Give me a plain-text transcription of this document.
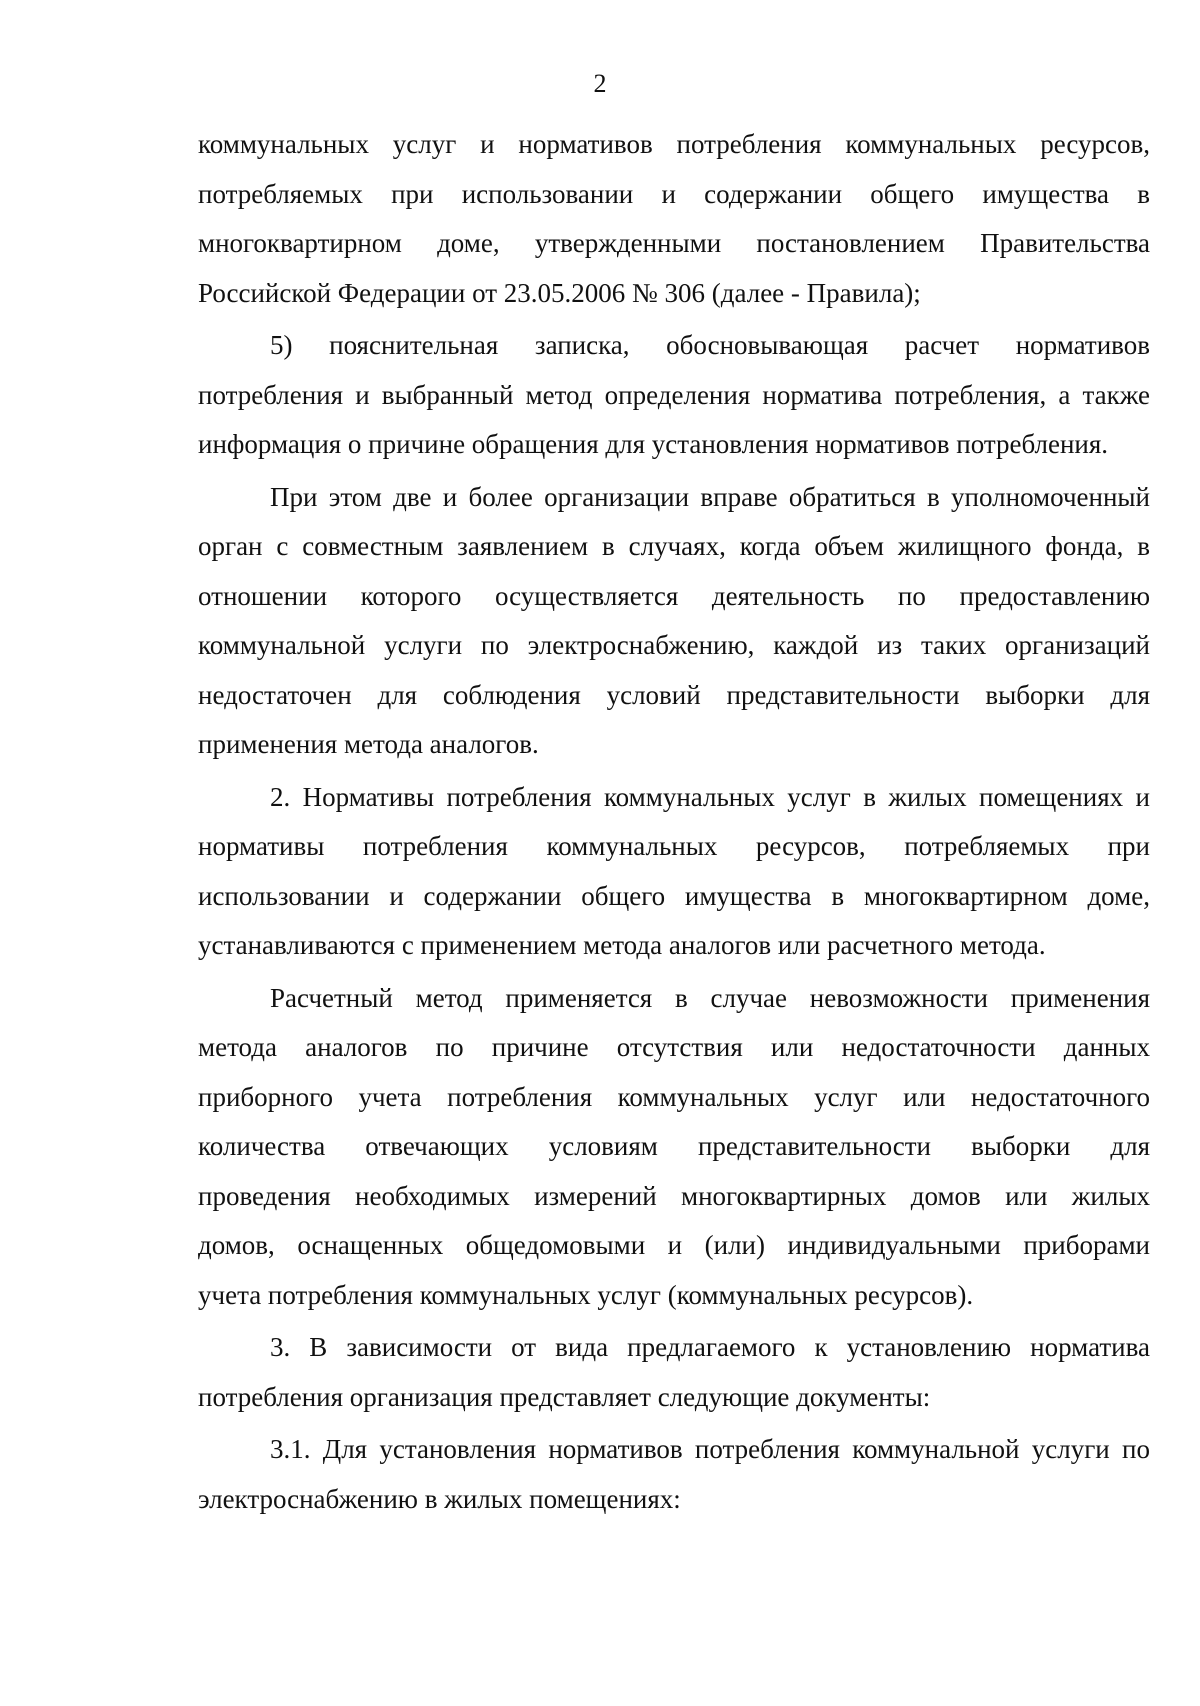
2
коммунальных услуг и нормативов потребления коммунальных ресурсов,
потребляемых при использовании и содержании общего имущества в
многоквартирном доме, утвержденными постановлением Правительства
Российской Федерации от 23.05.2006 № 306 (далее - Правила);
5) пояснительная записка, обосновывающая расчет нормативов
потребления и выбранный метод определения норматива потребления, а также
информация о причине обращения для установления нормативов потребления.
При этом две и более организации вправе обратиться в уполномоченный
орган с совместным заявлением в случаях, когда объем жилищного фонда, в
отношении которого осуществляется деятельность по предоставлению
коммунальной услуги по электроснабжению, каждой из таких организаций
недостаточен для соблюдения условий представительности выборки для
применения метода аналогов.
2. Нормативы потребления коммунальных услуг в жилых помещениях и
нормативы потребления коммунальных ресурсов, потребляемых при
использовании и содержании общего имущества в многоквартирном доме,
устанавливаются с применением метода аналогов или расчетного метода.
Расчетный метод применяется в случае невозможности применения
метода аналогов по причине отсутствия или недостаточности данных
приборного учета потребления коммунальных услуг или недостаточного
количества отвечающих условиям представительности выборки для
проведения необходимых измерений многоквартирных домов или жилых
домов, оснащенных общедомовыми и (или) индивидуальными приборами
учета потребления коммунальных услуг (коммунальных ресурсов).
3. В зависимости от вида предлагаемого к установлению норматива
потребления организация представляет следующие документы:
3.1. Для установления нормативов потребления коммунальной услуги по
электроснабжению в жилых помещениях:
